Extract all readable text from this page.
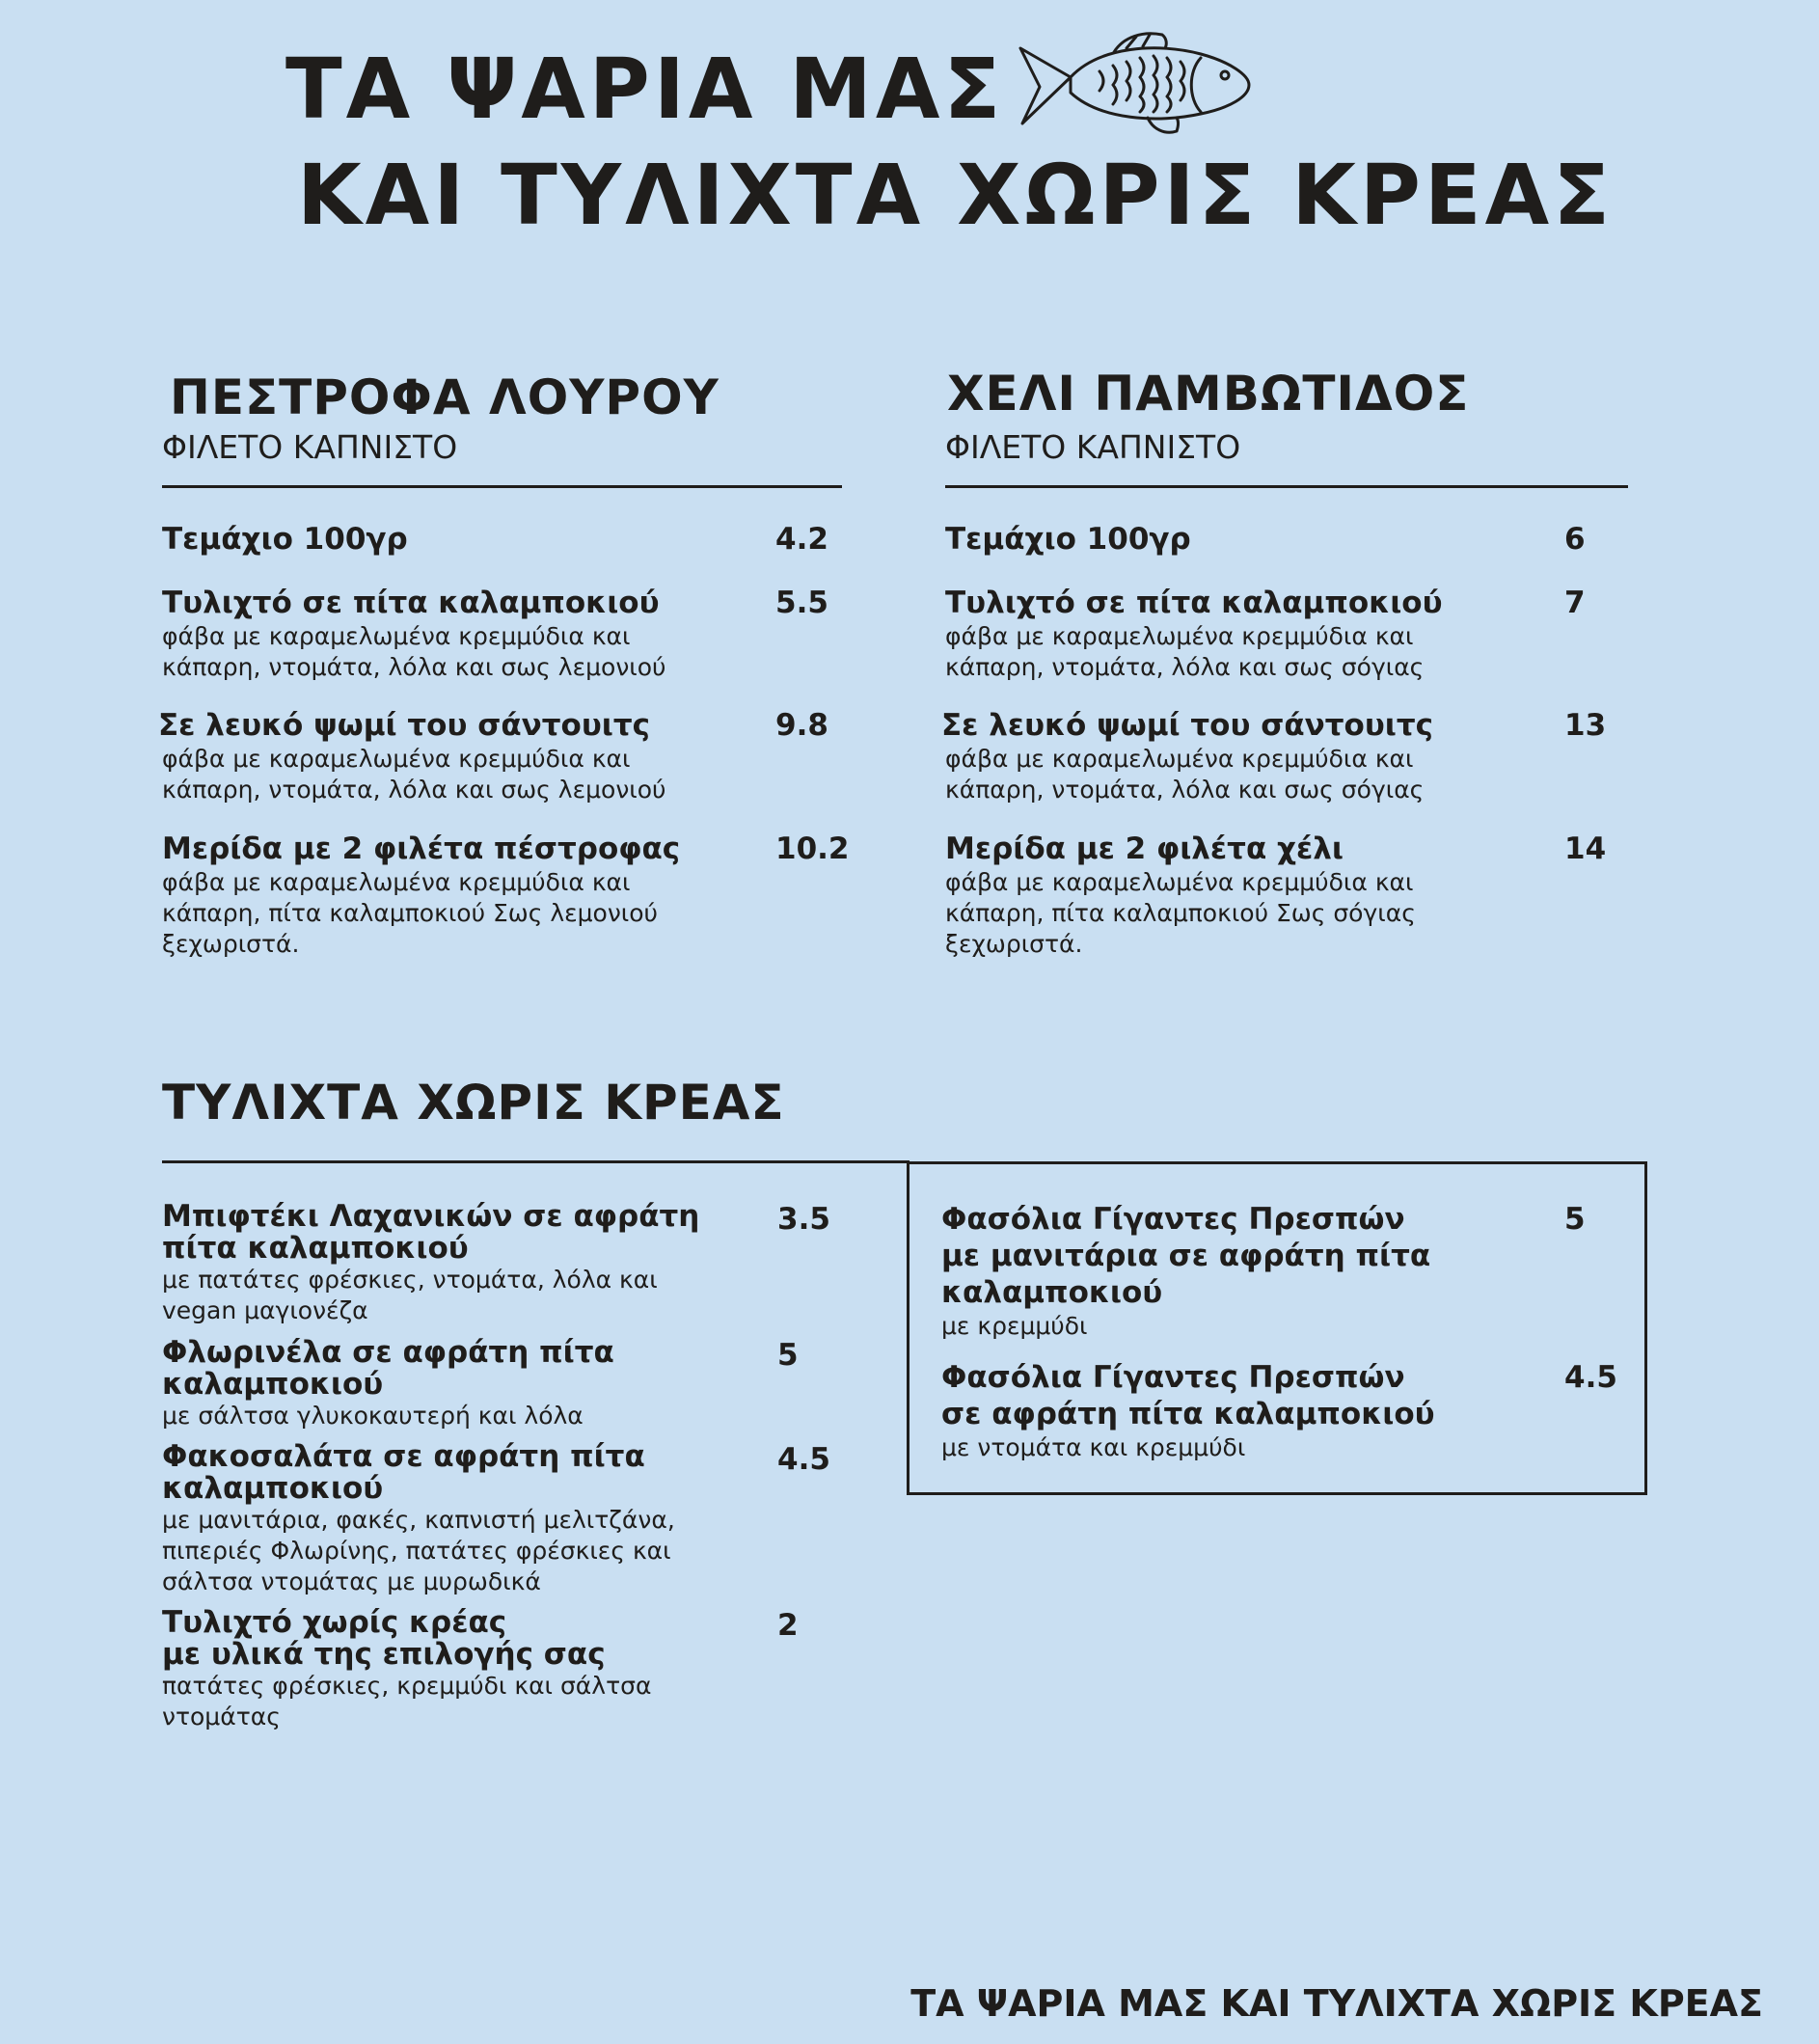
ΤΑ ΨΑΡΙΑ ΜΑΣ
ΚΑΙ ΤΥΛΙΧΤΑ ΧΩΡΙΣ ΚΡΕΑΣ
ΠΕΣΤΡΟΦΑ ΛΟΥΡΟΥ

ΦΙΛΕΤΟ ΚΑΠΝΙΣΤΟ

Τεμάχιο 100γρ	4.2
Τυλιχτό σε πίτα καλαμποκιού
φάβα με καραμελωμένα κρεμμύδια και
κάπαρη, ντομάτα, λόλα και σως λεμονιού
5.5
Σε λευκό ψωμί του σάντουιτς
φάβα με καραμελωμένα κρεμμύδια και
κάπαρη, ντομάτα, λόλα και σως λεμονιού
9.8
Μερίδα με 2 φιλέτα πέστροφας
φάβα με καραμελωμένα κρεμμύδια και
κάπαρη, πίτα καλαμποκιού Σως λεμονιού
ξεχωριστά.
10.2
ΧΕΛΙ ΠΑΜΒΩΤΙΔΟΣ

ΦΙΛΕΤΟ ΚΑΠΝΙΣΤΟ

Τεμάχιο 100γρ	6
Τυλιχτό σε πίτα καλαμποκιού
φάβα με καραμελωμένα κρεμμύδια και
κάπαρη, ντομάτα, λόλα και σως σόγιας
7
Σε λευκό ψωμί του σάντουιτς
φάβα με καραμελωμένα κρεμμύδια και
κάπαρη, ντομάτα, λόλα και σως σόγιας
13
Μερίδα με 2 φιλέτα χέλι
φάβα με καραμελωμένα κρεμμύδια και
κάπαρη, πίτα καλαμποκιού Σως σόγιας
ξεχωριστά.
14
ΤΥΛΙΧΤΑ ΧΩΡΙΣ ΚΡΕΑΣ
Μπιφτέκι Λαχανικών σε αφράτη
πίτα καλαμποκιού
με πατάτες φρέσκιες, ντομάτα, λόλα και
vegan μαγιονέζα
3.5
Φλωρινέλα σε αφράτη πίτα
καλαμποκιού
με σάλτσα γλυκοκαυτερή και λόλα
5
Φακοσαλάτα σε αφράτη πίτα
καλαμποκιού
με μανιτάρια, φακές, καπνιστή μελιτζάνα,
πιπεριές Φλωρίνης, πατάτες φρέσκιες και
σάλτσα ντομάτας με μυρωδικά
4.5
Τυλιχτό χωρίς κρέας
με υλικά της επιλογής σας
πατάτες φρέσκιες, κρεμμύδι και σάλτσα
ντομάτας
2
Φασόλια Γίγαντες Πρεσπών
με μανιτάρια σε αφράτη πίτα
καλαμποκιού
με κρεμμύδι
5
Φασόλια Γίγαντες Πρεσπών
σε αφράτη πίτα καλαμποκιού
με ντομάτα και κρεμμύδι
4.5
ΤΑ ΨΑΡΙΑ ΜΑΣ ΚΑΙ ΤΥΛΙΧΤΑ ΧΩΡΙΣ ΚΡΕΑΣ
